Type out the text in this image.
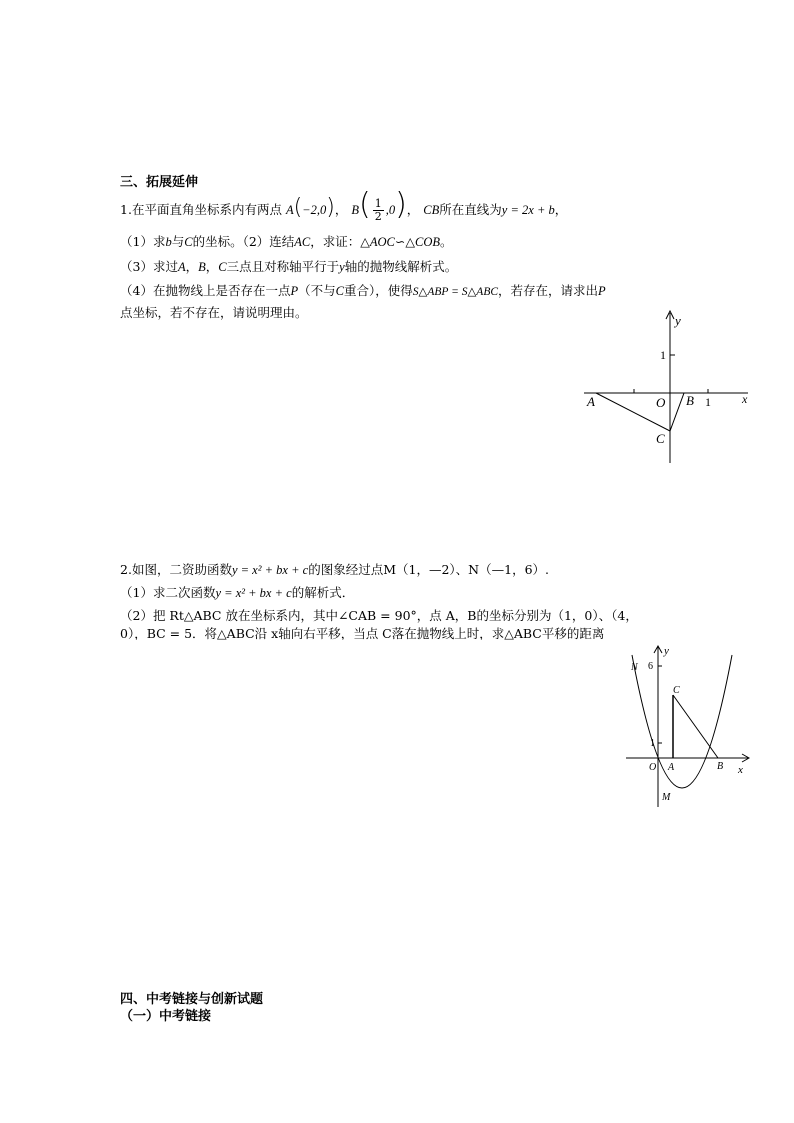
三、拓展延伸
1.在平面直角坐标系内有两点 A(−2,0)， $B( \frac{1}{2} ,0)$， CB所在直线为y = 2x + b，
（1）求b与C的坐标。（2）连结AC，求证：△AOC∽△COB。
（3）求过A，B，C三点且对称轴平行于y轴的抛物线解析式。
（4）在抛物线上是否存在一点P（不与C重合），使得S△ABP = S△ABC，若存在，请求出P
点坐标，若不存在，请说明理由。
y
x
1
1
O
A	B
C
2.如图，二资助函数y = x² + bx + c的图象经过点M（1，—2）、N（—1，6）.
（1）求二次函数y = x² + bx + c的解析式．
（2）把 Rt△ABC 放在坐标系内，其中∠CAB = 90°，点 A，B的坐标分别为（1，0）、（4，
0），BC = 5．将△ABC沿 x轴向右平移，当点 C落在抛物线上时，求△ABC平移的距离
y
x
6
1
O A	B
C
N
M
四、中考链接与创新试题
（一）中考链接
